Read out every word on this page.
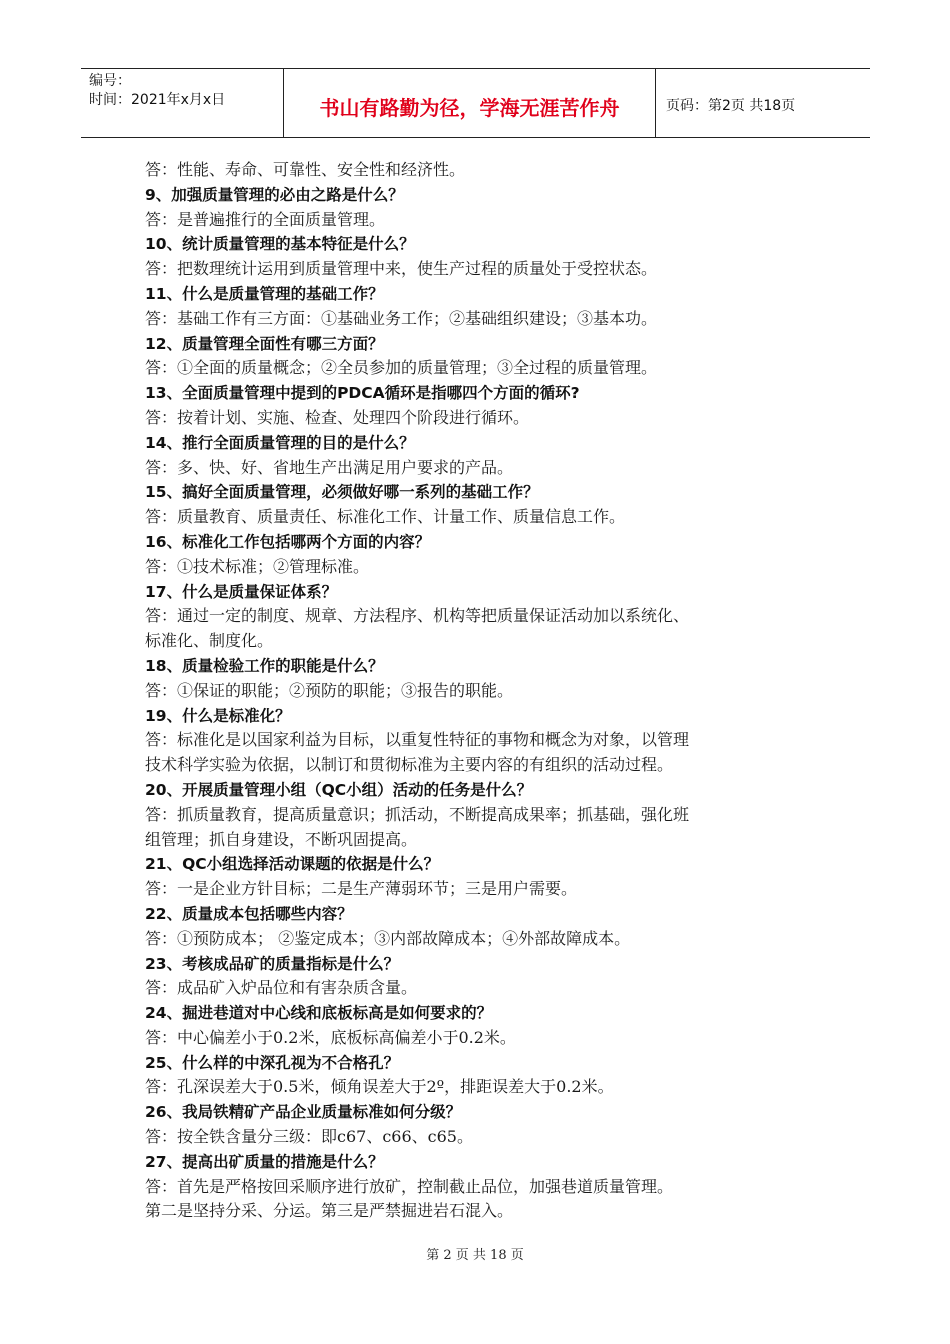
编号：
时间：2021年x月x日	书山有路勤为径，学海无涯苦作舟	页码：第2页 共18页
答：性能、寿命、可靠性、安全性和经济性。
9、加强质量管理的必由之路是什么？
答：是普遍推行的全面质量管理。
10、统计质量管理的基本特征是什么？
答：把数理统计运用到质量管理中来，使生产过程的质量处于受控状态。
11、什么是质量管理的基础工作？
答：基础工作有三方面：①基础业务工作；②基础组织建设；③基本功。
12、质量管理全面性有哪三方面？
答：①全面的质量概念；②全员参加的质量管理；③全过程的质量管理。
13、全面质量管理中提到的PDCA循环是指哪四个方面的循环?
答：按着计划、实施、检查、处理四个阶段进行循环。
14、推行全面质量管理的目的是什么？
答：多、快、好、省地生产出满足用户要求的产品。
15、搞好全面质量管理，必须做好哪一系列的基础工作？
答：质量教育、质量责任、标准化工作、计量工作、质量信息工作。
16、标准化工作包括哪两个方面的内容？
答：①技术标准；②管理标准。
17、什么是质量保证体系？
答：通过一定的制度、规章、方法程序、机构等把质量保证活动加以系统化、
标准化、制度化。
18、质量检验工作的职能是什么？
答：①保证的职能；②预防的职能；③报告的职能。
19、什么是标准化？
答：标准化是以国家利益为目标，以重复性特征的事物和概念为对象，以管理
技术科学实验为依据，以制订和贯彻标准为主要内容的有组织的活动过程。
20、开展质量管理小组（QC小组）活动的任务是什么？
答：抓质量教育，提高质量意识；抓活动，不断提高成果率；抓基础，强化班
组管理；抓自身建设，不断巩固提高。
21、QC小组选择活动课题的依据是什么？
答：一是企业方针目标；二是生产薄弱环节；三是用户需要。
22、质量成本包括哪些内容？
答：①预防成本； ②鉴定成本；③内部故障成本；④外部故障成本。
23、考核成品矿的质量指标是什么？
答：成品矿入炉品位和有害杂质含量。
24、掘进巷道对中心线和底板标高是如何要求的？
答：中心偏差小于0.2米，底板标高偏差小于0.2米。
25、什么样的中深孔视为不合格孔？
答：孔深误差大于0.5米，倾角误差大于2º，排距误差大于0.2米。
26、我局铁精矿产品企业质量标准如何分级？
答：按全铁含量分三级：即c67、c66、c65。
27、提高出矿质量的措施是什么？
答：首先是严格按回采顺序进行放矿，控制截止品位，加强巷道质量管理。
第二是坚持分采、分运。第三是严禁掘进岩石混入。
第 2 页 共 18 页
